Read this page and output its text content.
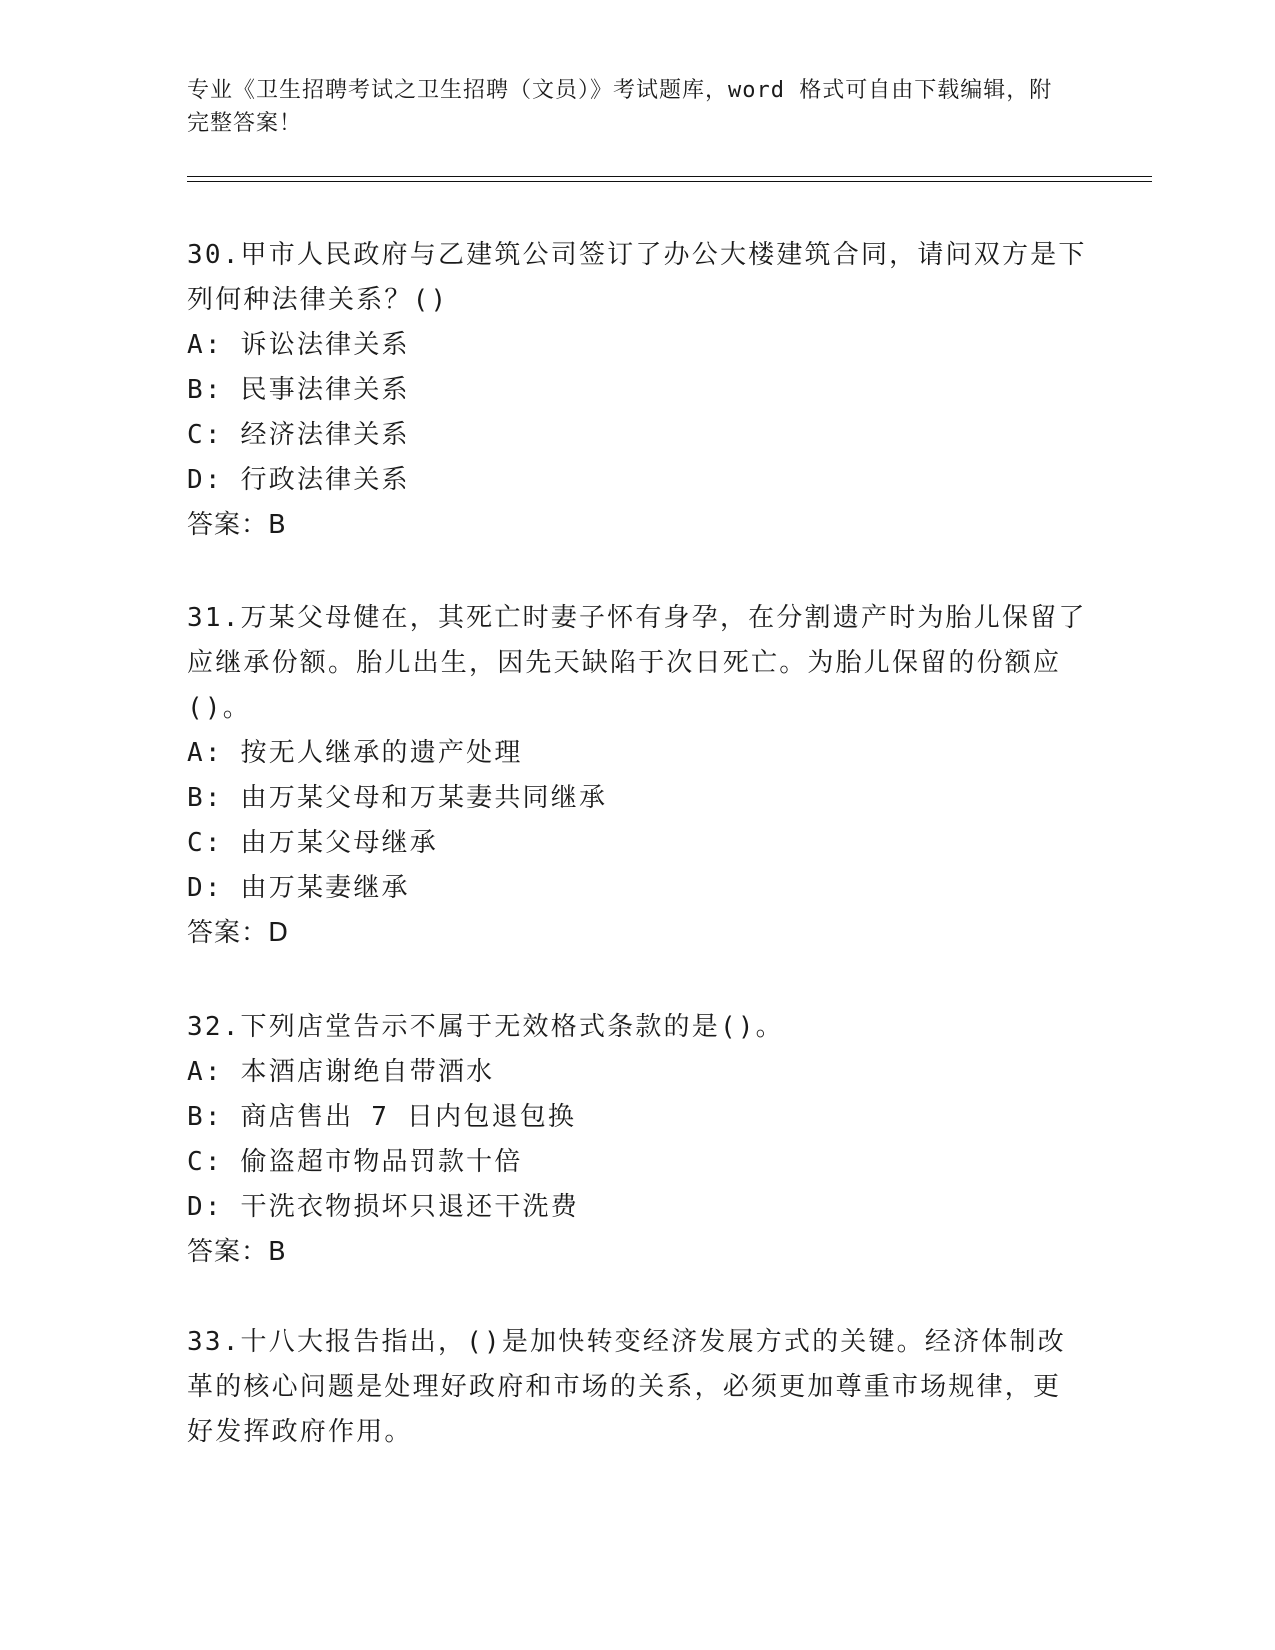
专业《卫生招聘考试之卫生招聘（文员）》考试题库，word 格式可自由下载编辑，附完整答案！

30.甲市人民政府与乙建筑公司签订了办公大楼建筑合同，请问双方是下列何种法律关系？()

A: 诉讼法律关系

B: 民事法律关系

C: 经济法律关系

D: 行政法律关系

答案：B

31.万某父母健在，其死亡时妻子怀有身孕，在分割遗产时为胎儿保留了应继承份额。胎儿出生，因先天缺陷于次日死亡。为胎儿保留的份额应()。

A: 按无人继承的遗产处理

B: 由万某父母和万某妻共同继承

C: 由万某父母继承

D: 由万某妻继承

答案：D

32.下列店堂告示不属于无效格式条款的是()。

A: 本酒店谢绝自带酒水

B: 商店售出 7 日内包退包换

C: 偷盗超市物品罚款十倍

D: 干洗衣物损坏只退还干洗费

答案：B

33.十八大报告指出，()是加快转变经济发展方式的关键。经济体制改革的核心问题是处理好政府和市场的关系，必须更加尊重市场规律，更好发挥政府作用。
